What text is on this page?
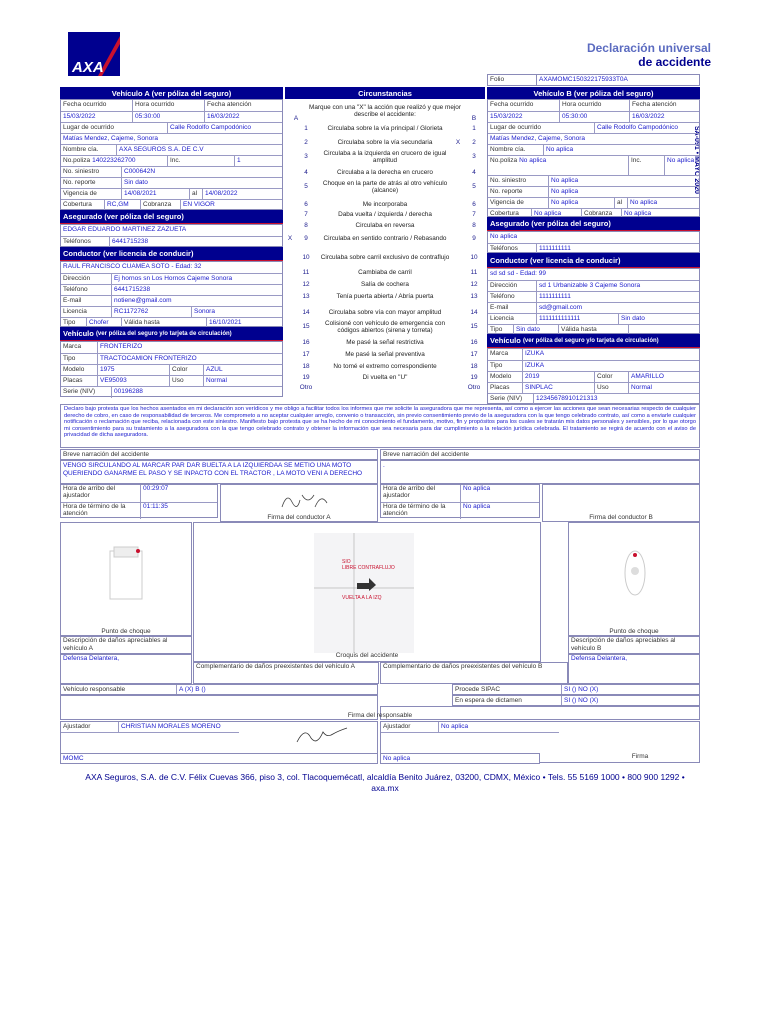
AXA
Declaración universal
de accidente
SA-091 • MAYO 2020
Folio	AXAMOMC150322175933T0A
Vehículo A (ver póliza del seguro)
Fecha ocurrido	Hora ocurrido	Fecha atención
15/03/2022	05:30:00	16/03/2022
Lugar de ocurrido	Calle Rodolfo Campodónico
Matías Mendez, Cajeme, Sonora
Nombre cía.	AXA SEGUROS S.A. DE C.V
No.poliza 140223262700	Inc.	1
No. siniestro	C000642N
No. reporte	Sin dato
Vigencia de	14/08/2021	al	14/08/2022
Cobertura	RC,GM	Cobranza	EN VIGOR
Asegurado (ver póliza del seguro)
EDGAR EDUARDO MARTINEZ ZAZUETA
Teléfonos	6441715238
Conductor (ver licencia de conducir)
RAUL FRANCISCO CUAMEA SOTO - Edad: 32
Dirección	Ej hornos sn Los Hornos Cajeme Sonora
Teléfono	6441715238
E-mail	notiene@gmail.com
Licencia	RC1172762	Sonora
Tipo	Chofer	Válida hasta	16/10/2021
Vehículo
(ver póliza del seguro y/o tarjeta de circulación)
Marca	FRONTERIZO
Tipo	TRACTOCAMION FRONTERIZO
Modelo	1975	Color	AZUL
Placas	VE95093	Uso	Normal
Serie (NIV)	00196288
Circunstancias
A
Marque con una "X" la acción que realizó y que mejor describe el accidente:	B
1	Circulaba sobre la vía principal / Glorieta	1
2	Circulaba sobre la vía secundaria	X	2
3	Circulaba a la izquierda en crucero de igual amplitud	3
4	Circulaba a la derecha en crucero	4
5	Choque en la parte de atrás al otro vehículo (alcance)	5
6	Me incorporaba	6
7	Daba vuelta / izquierda / derecha	7
8	Circulaba en reversa	8
X	9	Circulaba en sentido contrario / Rebasando	9
10	Circulaba sobre carril exclusivo de contraflujo	10
11	Cambiaba de carril	11
12	Salía de cochera	12
13	Tenía puerta abierta / Abría puerta	13
14	Circulaba sobre vía con mayor amplitud	14
15	Colisioné con vehículo de emergencia con códigos abiertos (sirena y torreta)	15
16	Me pasé la señal restrictiva	16
17	Me pasé la señal preventiva	17
18	No tomé el extremo correspondiente	18
19	Di vuelta en "U"	19
Otro	Otro
Vehículo B (ver póliza del seguro)
Fecha ocurrido	Hora ocurrido	Fecha atención
15/03/2022	05:30:00	16/03/2022
Lugar de ocurrido	Calle Rodolfo Campodónico
Matías Mendez, Cajeme, Sonora
Nombre cía.	No aplica
No.poliza No aplica	Inc.	No aplica
No. siniestro	No aplica
No. reporte	No aplica
Vigencia de	No aplica	al	No aplica
Cobertura	No aplica	Cobranza	No aplica
Asegurado (ver póliza del seguro)
No aplica
Teléfonos	1111111111
Conductor (ver licencia de conducir)
sd sd sd - Edad: 99
Dirección	sd 1 Urbanizable 3 Cajeme Sonora
Teléfono	1111111111
E-mail	sd@gmail.com
Licencia	1111111111111	Sin dato
Tipo	Sin dato	Válida hasta
Vehículo
(ver póliza del seguro y/o tarjeta de circulación)
Marca	IZUKA
Tipo	IZUKA
Modelo	2019	Color	AMARILLO
Placas	SINPLAC	Uso	Normal
Serie (NIV)	12345678910121313
Declaro bajo protesta que los hechos asentados en mi declaración son verídicos y me obligo a facilitar todos los informes que me solicite la aseguradora que me representa, así como a ejercer las acciones que sean necesarias respecto de cualquier derecho de cobro, en caso de responsabilidad de terceros. Me comprometo a no aceptar cualquier arreglo, convenio o transacción, sin previo consentimiento previo de la aseguradora con la que tengo celebrado contrato, así como a enviarle cualquier notificación o reclamación que reciba, relacionada con este siniestro. Manifiesto bajo protesta que se ha hecho de mi conocimiento el fundamento, motivo, fin y propósitos para los cuales se tratarán mis datos personales y sensibles, por lo que otorgo mi consentimiento para su tratamiento a la aseguradora con la que tengo celebrado contrato y obtener la información que sea necesaria para dar cumplimiento a la relación jurídica celebrada. El tratamiento se regirá de acuerdo con el aviso de privacidad de dicha aseguradora.
Breve narración del accidente	Breve narración del accidente
VENGO SIRCULANDO AL MARCAR PAR DAR BUELTA A LA IZQUIERDAA SE METIO UNA MOTO QUERIENDO GANARME EL PASO Y SE INPACTO CON EL TRACTOR , LA MOTO VENI A DERECHO
.
Hora de arribo del ajustador
00:29:07
Hora de término de la atención
01:11:35
Firma del conductor A
Hora de arribo del ajustador
No aplica
Hora de término de la atención
No aplica
Firma del conductor B
Punto de choque
SIO
LIBRE CONTRAFLUJO
VUELTA A LA IZQ
Croquis del accidente
Punto de choque
Descripción de daños apreciables al vehículo A
Defensa Delantera,
Descripción de daños apreciables al vehículo B
Defensa Delantera,
Complementario de daños preexistentes del vehículo A	Complementario de daños preexistentes del vehículo B
Vehículo responsable	A (X) B ()	Procede SIPAC	SI () NO (X)
En espera de dictamen	SI () NO (X)
Firma del responsable
Ajustador	CHRISTIAN MORALES MORENO	Ajustador	No aplica
Firma
MOMC	No aplica
AXA Seguros, S.A. de C.V. Félix Cuevas 366, piso 3, col. Tlacoquemécatl, alcaldía Benito Juárez, 03200, CDMX, México • Tels. 55 5169 1000 • 800 900 1292 • axa.mx
